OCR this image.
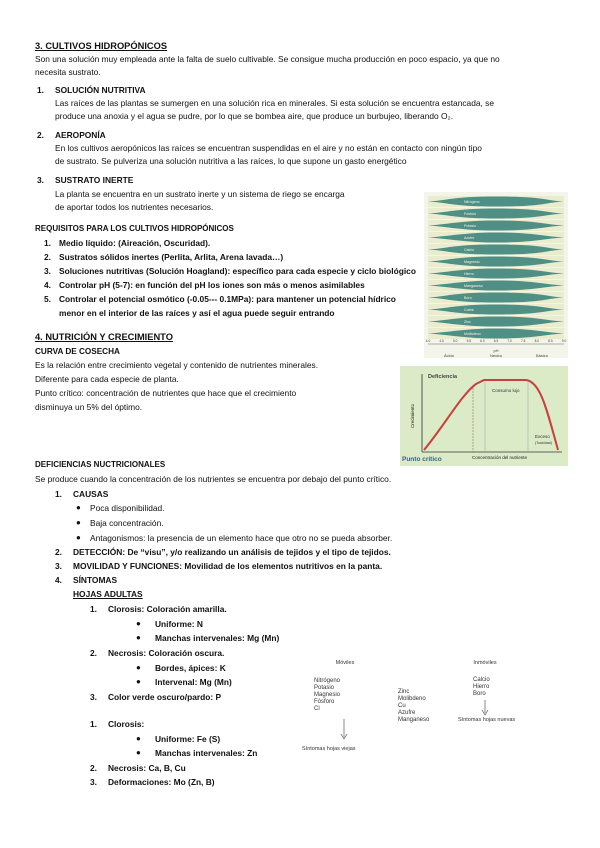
3. CULTIVOS HIDROPÓNICOS
Son una solución muy empleada ante la falta de suelo cultivable. Se consigue mucha producción en poco espacio, ya que no
necesita sustrato.
1. SOLUCIÓN NUTRITIVA
Las raíces de las plantas se sumergen en una solución rica en minerales. Si esta solución se encuentra estancada, se
produce una anoxia y el agua se pudre, por lo que se bombea aire, que produce un burbujeo, liberando O₂.
2. AEROPONÍA
En los cultivos aeropónicos las raíces se encuentran suspendidas en el aire y no están en contacto con ningún tipo
de sustrato. Se pulveriza una solución nutritiva a las raíces, lo que supone un gasto energético
3. SUSTRATO INERTE
La planta se encuentra en un sustrato inerte y un sistema de riego se encarga
de aportar todos los nutrientes necesarios.
REQUISITOS PARA LOS CULTIVOS HIDROPÓNICOS
1. Medio líquido: (Aireación, Oscuridad).
2. Sustratos sólidos inertes (Perlita, Arlita, Arena lavada…)
3. Soluciones nutritivas (Solución Hoagland): específico para cada especie y ciclo biológico
4. Controlar pH (5-7): en función del pH los iones son más o menos asimilables
5. Controlar el potencial osmótico (-0.05--- 0.1MPa): para mantener un potencial hídrico
menor en el interior de las raíces y así el agua puede seguir entrando
Nitrógeno
Fósforo
Potasio
Azufre
Calcio
Magnesio
Hierro
Manganeso
Boro
Cobre
Zinc
Molibdeno
4.0	4.5	5.0	5.5	6.0	6.5	7.0	7.5	8.0	8.5	9.0
pH
Ácido	Neutro	Básico
4. NUTRICIÓN Y CRECIMIENTO
CURVA DE COSECHA
Es la relación entre crecimiento vegetal y contenido de nutrientes minerales.
Diferente para cada especie de planta.
Punto crítico: concentración de nutrientes que hace que el crecimiento
disminuya un 5% del óptimo.	Crecimiento
Deficiencia
Consumo lujo
Exceso
(Toxicidad)
Concentración del nutriente
Punto crítico
DEFICIENCIAS NUCTRICIONALES
Se produce cuando la concentración de los nutrientes se encuentra por debajo del punto crítico.
1. CAUSAS
● Poca disponibilidad.
● Baja concentración.
● Antagonismos: la presencia de un elemento hace que otro no se pueda absorber.
2. DETECCIÓN: De “visu”, y/o realizando un análisis de tejidos y el tipo de tejidos.
3. MOVILIDAD Y FUNCIONES: Movilidad de los elementos nutritivos en la panta.
4. SÍNTOMAS
HOJAS ADULTAS
1. Clorosis: Coloración amarilla.
● Uniforme: N
● Manchas intervenales: Mg (Mn)
2. Necrosis: Coloración oscura.
● Bordes, ápices: K
● Intervenal: Mg (Mn)
3. Color verde oscuro/pardo: P
1. Clorosis:
● Uniforme: Fe (S)
● Manchas intervenales: Zn
2. Necrosis: Ca, B, Cu
3. Deformaciones: Mo (Zn, B)
Móviles
Nitrógeno
Potasio
Magnesio
Fósforo
Cl
Síntomas hojas viejas
Zinc
Molibdeno
Cu
Azufre
Manganeso
Inmóviles
Calcio
Hierro
Boro
Síntomas hojas nuevas
